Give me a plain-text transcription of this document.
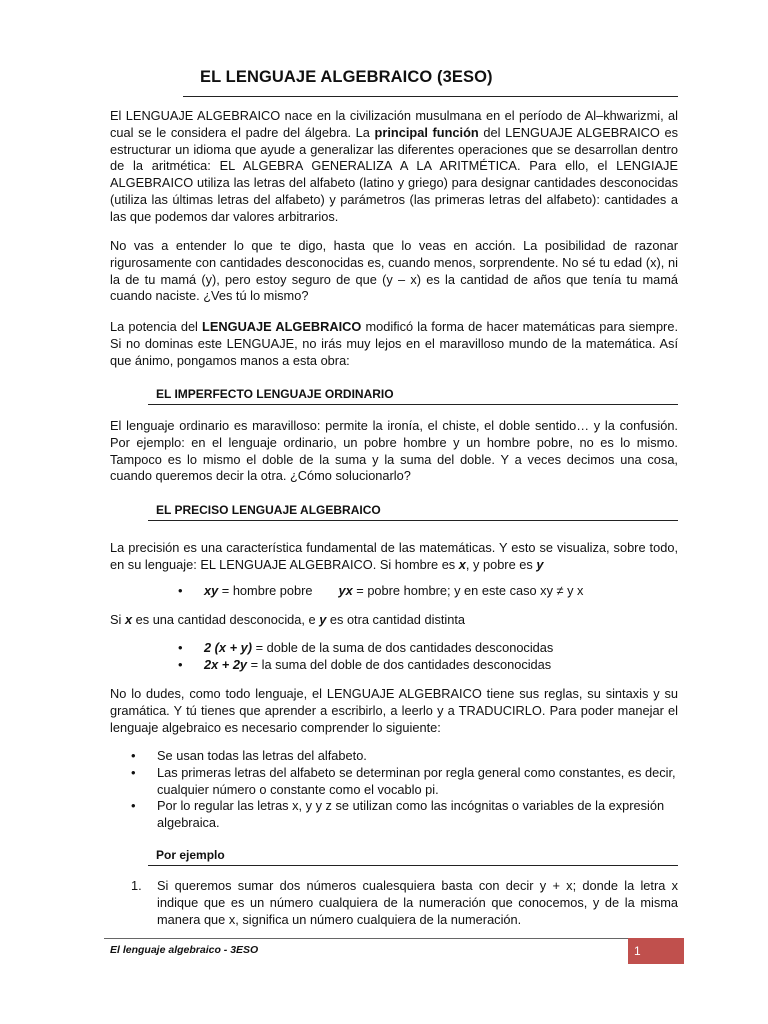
EL LENGUAJE ALGEBRAICO (3ESO)

El LENGUAJE ALGEBRAICO nace en la civilización musulmana en el período de Al–khwarizmi, al cual se le considera el padre del álgebra. La principal función del LENGUAJE ALGEBRAICO es estructurar un idioma que ayude a generalizar las diferentes operaciones que se desarrollan dentro de la aritmética: EL ALGEBRA GENERALIZA A LA ARITMÉTICA. Para ello, el LENGIAJE ALGEBRAICO utiliza las letras del alfabeto (latino y griego) para designar cantidades desconocidas (utiliza las últimas letras del alfabeto) y parámetros (las primeras letras del alfabeto): cantidades a las que podemos dar valores arbitrarios.

No vas a entender lo que te digo, hasta que lo veas en acción. La posibilidad de razonar rigurosamente con cantidades desconocidas es, cuando menos, sorprendente. No sé tu edad (x), ni la de tu mamá (y), pero estoy seguro de que (y – x) es la cantidad de años que tenía tu mamá cuando naciste. ¿Ves tú lo mismo?

La potencia del LENGUAJE ALGEBRAICO modificó la forma de hacer matemáticas para siempre. Si no dominas este LENGUAJE, no irás muy lejos en el maravilloso mundo de la matemática. Así que ánimo, pongamos manos a esta obra:

EL IMPERFECTO LENGUAJE ORDINARIO

El lenguaje ordinario es maravilloso: permite la ironía, el chiste, el doble sentido… y la confusión. Por ejemplo: en el lenguaje ordinario, un pobre hombre y un hombre pobre, no es lo mismo. Tampoco es lo mismo el doble de la suma y la suma del doble. Y a veces decimos una cosa, cuando queremos decir la otra. ¿Cómo solucionarlo?

EL PRECISO LENGUAJE ALGEBRAICO

La precisión es una característica fundamental de las matemáticas. Y esto se visualiza, sobre todo, en su lenguaje: EL LENGUAJE ALGEBRAICO. Si hombre es x, y pobre es y

• xy = hombre pobre yx = pobre hombre; y en este caso xy ≠ y x

Si x es una cantidad desconocida, e y es otra cantidad distinta

• 2 (x + y) = doble de la suma de dos cantidades desconocidas
• 2x + 2y = la suma del doble de dos cantidades desconocidas

No lo dudes, como todo lenguaje, el LENGUAJE ALGEBRAICO tiene sus reglas, su sintaxis y su gramática. Y tú tienes que aprender a escribirlo, a leerlo y a TRADUCIRLO. Para poder manejar el lenguaje algebraico es necesario comprender lo siguiente:

• Se usan todas las letras del alfabeto.
• Las primeras letras del alfabeto se determinan por regla general como constantes, es decir, cualquier número o constante como el vocablo pi.
• Por lo regular las letras x, y y z se utilizan como las incógnitas o variables de la expresión algebraica.
Por ejemplo
1. Si queremos sumar dos números cualesquiera basta con decir y + x; donde la letra x indique que es un número cualquiera de la numeración que conocemos, y de la misma manera que x, significa un número cualquiera de la numeración.
El lenguaje algebraico - 3ESO	1
